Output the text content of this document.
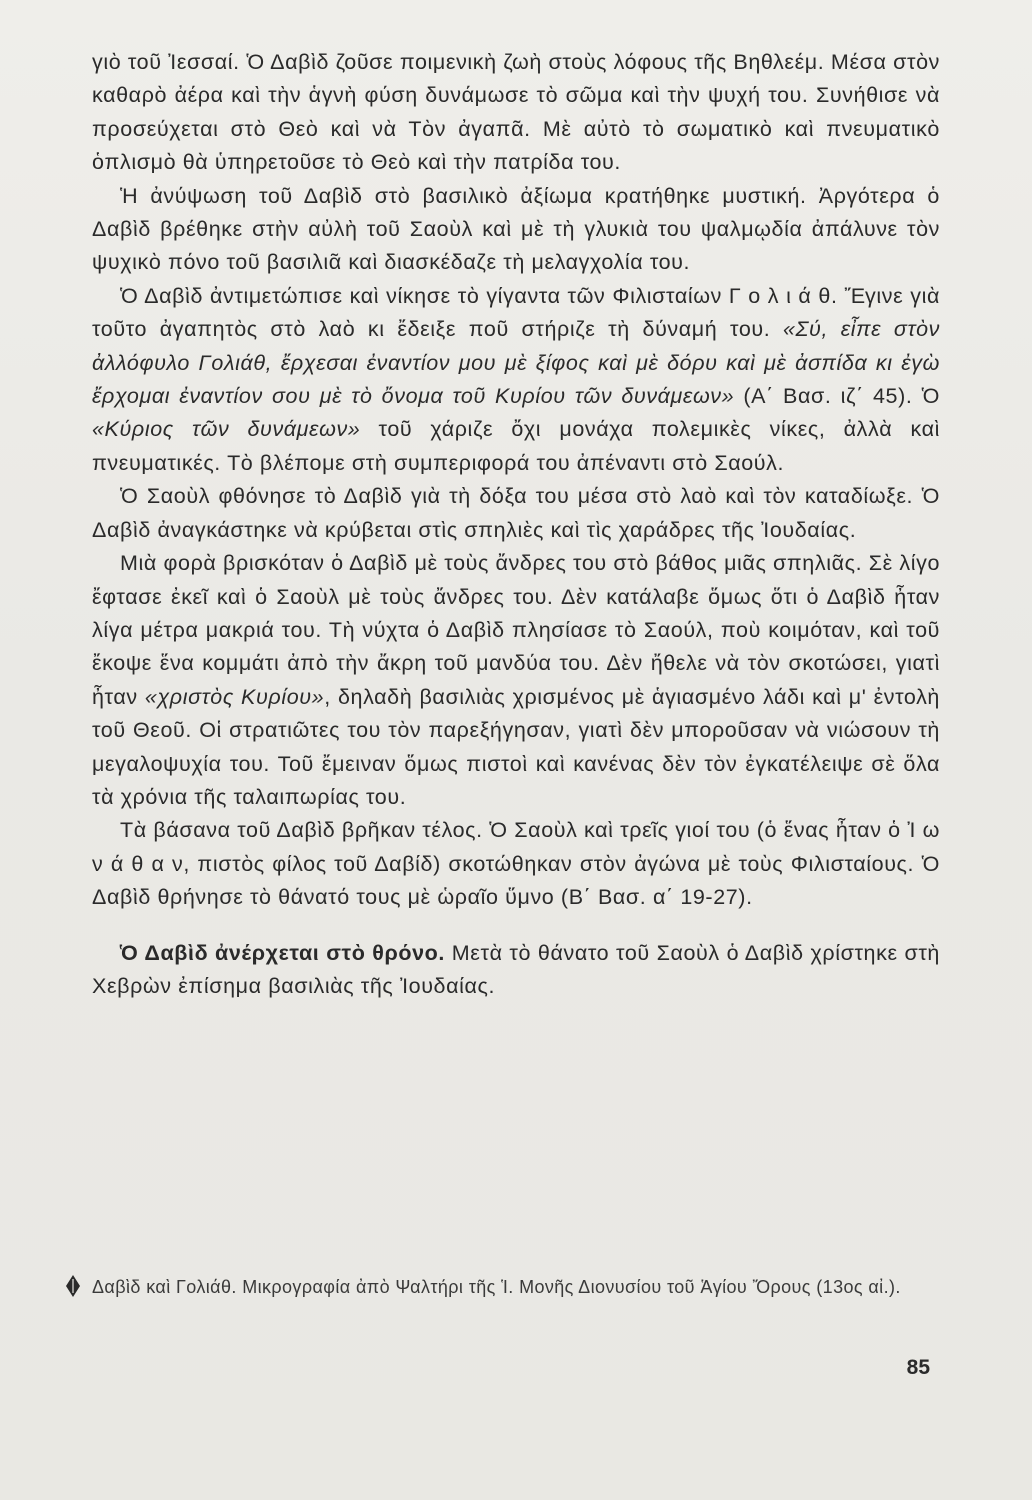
γιὸ τοῦ Ἰεσσαί. Ὁ Δαβὶδ ζοῦσε ποιμενικὴ ζωὴ στοὺς λόφους τῆς Βηθλεέμ. Μέσα στὸν καθαρὸ ἀέρα καὶ τὴν ἁγνὴ φύση δυνάμωσε τὸ σῶμα καὶ τὴν ψυχή του. Συνήθισε νὰ προσεύχεται στὸ Θεὸ καὶ νὰ Τὸν ἀγαπᾶ. Μὲ αὐτὸ τὸ σωματικὸ καὶ πνευματικὸ ὁπλισμὸ θὰ ὑπηρετοῦσε τὸ Θεὸ καὶ τὴν πατρίδα του.

Ἡ ἀνύψωση τοῦ Δαβὶδ στὸ βασιλικὸ ἀξίωμα κρατήθηκε μυστική. Ἀργότερα ὁ Δαβὶδ βρέθηκε στὴν αὐλὴ τοῦ Σαοὺλ καὶ μὲ τὴ γλυκιὰ του ψαλμῳδία ἀπάλυνε τὸν ψυχικὸ πόνο τοῦ βασιλιᾶ καὶ διασκέδαζε τὴ μελαγχολία του.

Ὁ Δαβὶδ ἀντιμετώπισε καὶ νίκησε τὸ γίγαντα τῶν Φιλισταίων Γ ο λ ι ά θ. Ἔγινε γιὰ τοῦτο ἀγαπητὸς στὸ λαὸ κι ἔδειξε ποῦ στήριζε τὴ δύναμή του. «Σύ, εἶπε στὸν ἀλλόφυλο Γολιάθ, ἔρχεσαι ἐναντίον μου μὲ ξίφος καὶ μὲ δόρυ καὶ μὲ ἀσπίδα κι ἐγὼ ἔρχομαι ἐναντίον σου μὲ τὸ ὄνομα τοῦ Κυρίου τῶν δυνάμεων» (Α΄ Βασ. ιζ΄ 45). Ὁ «Κύριος τῶν δυνάμεων» τοῦ χάριζε ὄχι μονάχα πολεμικὲς νίκες, ἀλλὰ καὶ πνευματικές. Τὸ βλέπομε στὴ συμπεριφορά του ἀπέναντι στὸ Σαούλ.

Ὁ Σαοὺλ φθόνησε τὸ Δαβὶδ γιὰ τὴ δόξα του μέσα στὸ λαὸ καὶ τὸν καταδίωξε. Ὁ Δαβὶδ ἀναγκάστηκε νὰ κρύβεται στὶς σπηλιὲς καὶ τὶς χαράδρες τῆς Ἰουδαίας.

Μιὰ φορὰ βρισκόταν ὁ Δαβὶδ μὲ τοὺς ἄνδρες του στὸ βάθος μιᾶς σπηλιᾶς. Σὲ λίγο ἔφτασε ἐκεῖ καὶ ὁ Σαοὺλ μὲ τοὺς ἄνδρες του. Δὲν κατάλαβε ὅμως ὅτι ὁ Δαβὶδ ἦταν λίγα μέτρα μακριά του. Τὴ νύχτα ὁ Δαβὶδ πλησίασε τὸ Σαούλ, ποὺ κοιμόταν, καὶ τοῦ ἔκοψε ἕνα κομμάτι ἀπὸ τὴν ἄκρη τοῦ μανδύα του. Δὲν ἤθελε νὰ τὸν σκοτώσει, γιατὶ ἦταν «χριστὸς Κυρίου», δηλαδὴ βασιλιὰς χρισμένος μὲ ἁγιασμένο λάδι καὶ μ' ἐντολὴ τοῦ Θεοῦ. Οἱ στρατιῶτες του τὸν παρεξήγησαν, γιατὶ δὲν μποροῦσαν νὰ νιώσουν τὴ μεγαλοψυχία του. Τοῦ ἔμειναν ὅμως πιστοὶ καὶ κανένας δὲν τὸν ἐγκατέλειψε σὲ ὅλα τὰ χρόνια τῆς ταλαιπωρίας του.

Τὰ βάσανα τοῦ Δαβὶδ βρῆκαν τέλος. Ὁ Σαοὺλ καὶ τρεῖς γιοί του (ὁ ἕνας ἦταν ὁ Ἰ ω ν ά θ α ν, πιστὸς φίλος τοῦ Δαβίδ) σκοτώθηκαν στὸν ἀγώνα μὲ τοὺς Φιλισταίους. Ὁ Δαβὶδ θρήνησε τὸ θάνατό τους μὲ ὡραῖο ὕμνο (Β΄ Βασ. α΄ 19-27).

Ὁ Δαβὶδ ἀνέρχεται στὸ θρόνο. Μετὰ τὸ θάνατο τοῦ Σαοὺλ ὁ Δαβὶδ χρίστηκε στὴ Χεβρὼν ἐπίσημα βασιλιὰς τῆς Ἰουδαίας.

Δαβὶδ καὶ Γολιάθ. Μικρογραφία ἀπὸ Ψαλτήρι τῆς Ἱ. Μονῆς Διονυσίου τοῦ Ἁγίου Ὄρους (13ος αἰ.).
85
